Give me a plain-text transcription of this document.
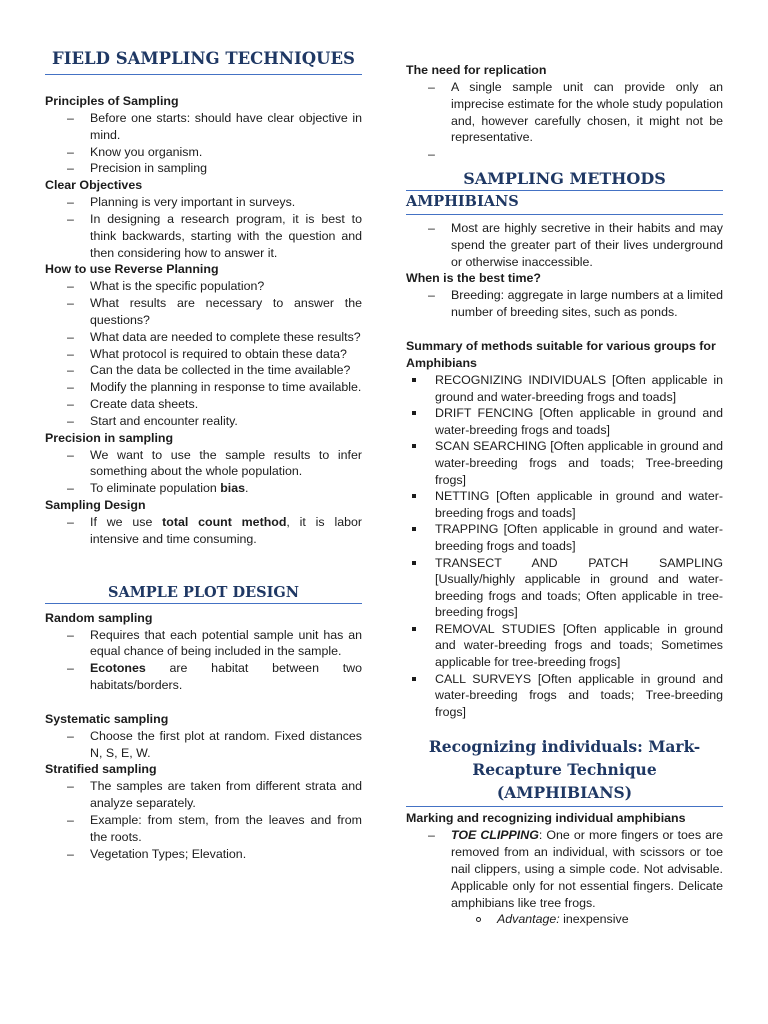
FIELD SAMPLING TECHNIQUES
Principles of Sampling
– Before one starts: should have clear objective in mind.
– Know you organism.
– Precision in sampling
Clear Objectives
– Planning is very important in surveys.
– In designing a research program, it is best to think backwards, starting with the question and then considering how to answer it.
How to use Reverse Planning
– What is the specific population?
– What results are necessary to answer the questions?
– What data are needed to complete these results?
– What protocol is required to obtain these data?
– Can the data be collected in the time available?
– Modify the planning in response to time available.
– Create data sheets.
– Start and encounter reality.
Precision in sampling
– We want to use the sample results to infer something about the whole population.
– To eliminate population bias.
Sampling Design
– If we use total count method, it is labor intensive and time consuming.
SAMPLE PLOT DESIGN
Random sampling
– Requires that each potential sample unit has an equal chance of being included in the sample.
– Ecotones are habitat between two habitats/borders.
Systematic sampling
– Choose the first plot at random. Fixed distances N, S, E, W.
Stratified sampling
– The samples are taken from different strata and analyze separately.
– Example: from stem, from the leaves and from the roots.
– Vegetation Types; Elevation.
The need for replication
– A single sample unit can provide only an imprecise estimate for the whole study population and, however carefully chosen, it might not be representative.
–
SAMPLING METHODS
AMPHIBIANS
– Most are highly secretive in their habits and may spend the greater part of their lives underground or otherwise inaccessible.
When is the best time?
– Breeding: aggregate in large numbers at a limited number of breeding sites, such as ponds.
Summary of methods suitable for various groups for Amphibians
RECOGNIZING INDIVIDUALS [Often applicable in ground and water-breeding frogs and toads]
DRIFT FENCING [Often applicable in ground and water-breeding frogs and toads]
SCAN SEARCHING [Often applicable in ground and water-breeding frogs and toads; Tree-breeding frogs]
NETTING [Often applicable in ground and water-breeding frogs and toads]
TRAPPING [Often applicable in ground and water-breeding frogs and toads]
TRANSECT AND PATCH SAMPLING [Usually/highly applicable in ground and water-breeding frogs and toads; Often applicable in tree-breeding frogs]
REMOVAL STUDIES [Often applicable in ground and water-breeding frogs and toads; Sometimes applicable for tree-breeding frogs]
CALL SURVEYS [Often applicable in ground and water-breeding frogs and toads; Tree-breeding frogs]
Recognizing individuals: Mark-Recapture Technique (AMPHIBIANS)
Marking and recognizing individual amphibians
– TOE CLIPPING: One or more fingers or toes are removed from an individual, with scissors or toe nail clippers, using a simple code. Not advisable. Applicable only for not essential fingers. Delicate amphibians like tree frogs.
Advantage: inexpensive
